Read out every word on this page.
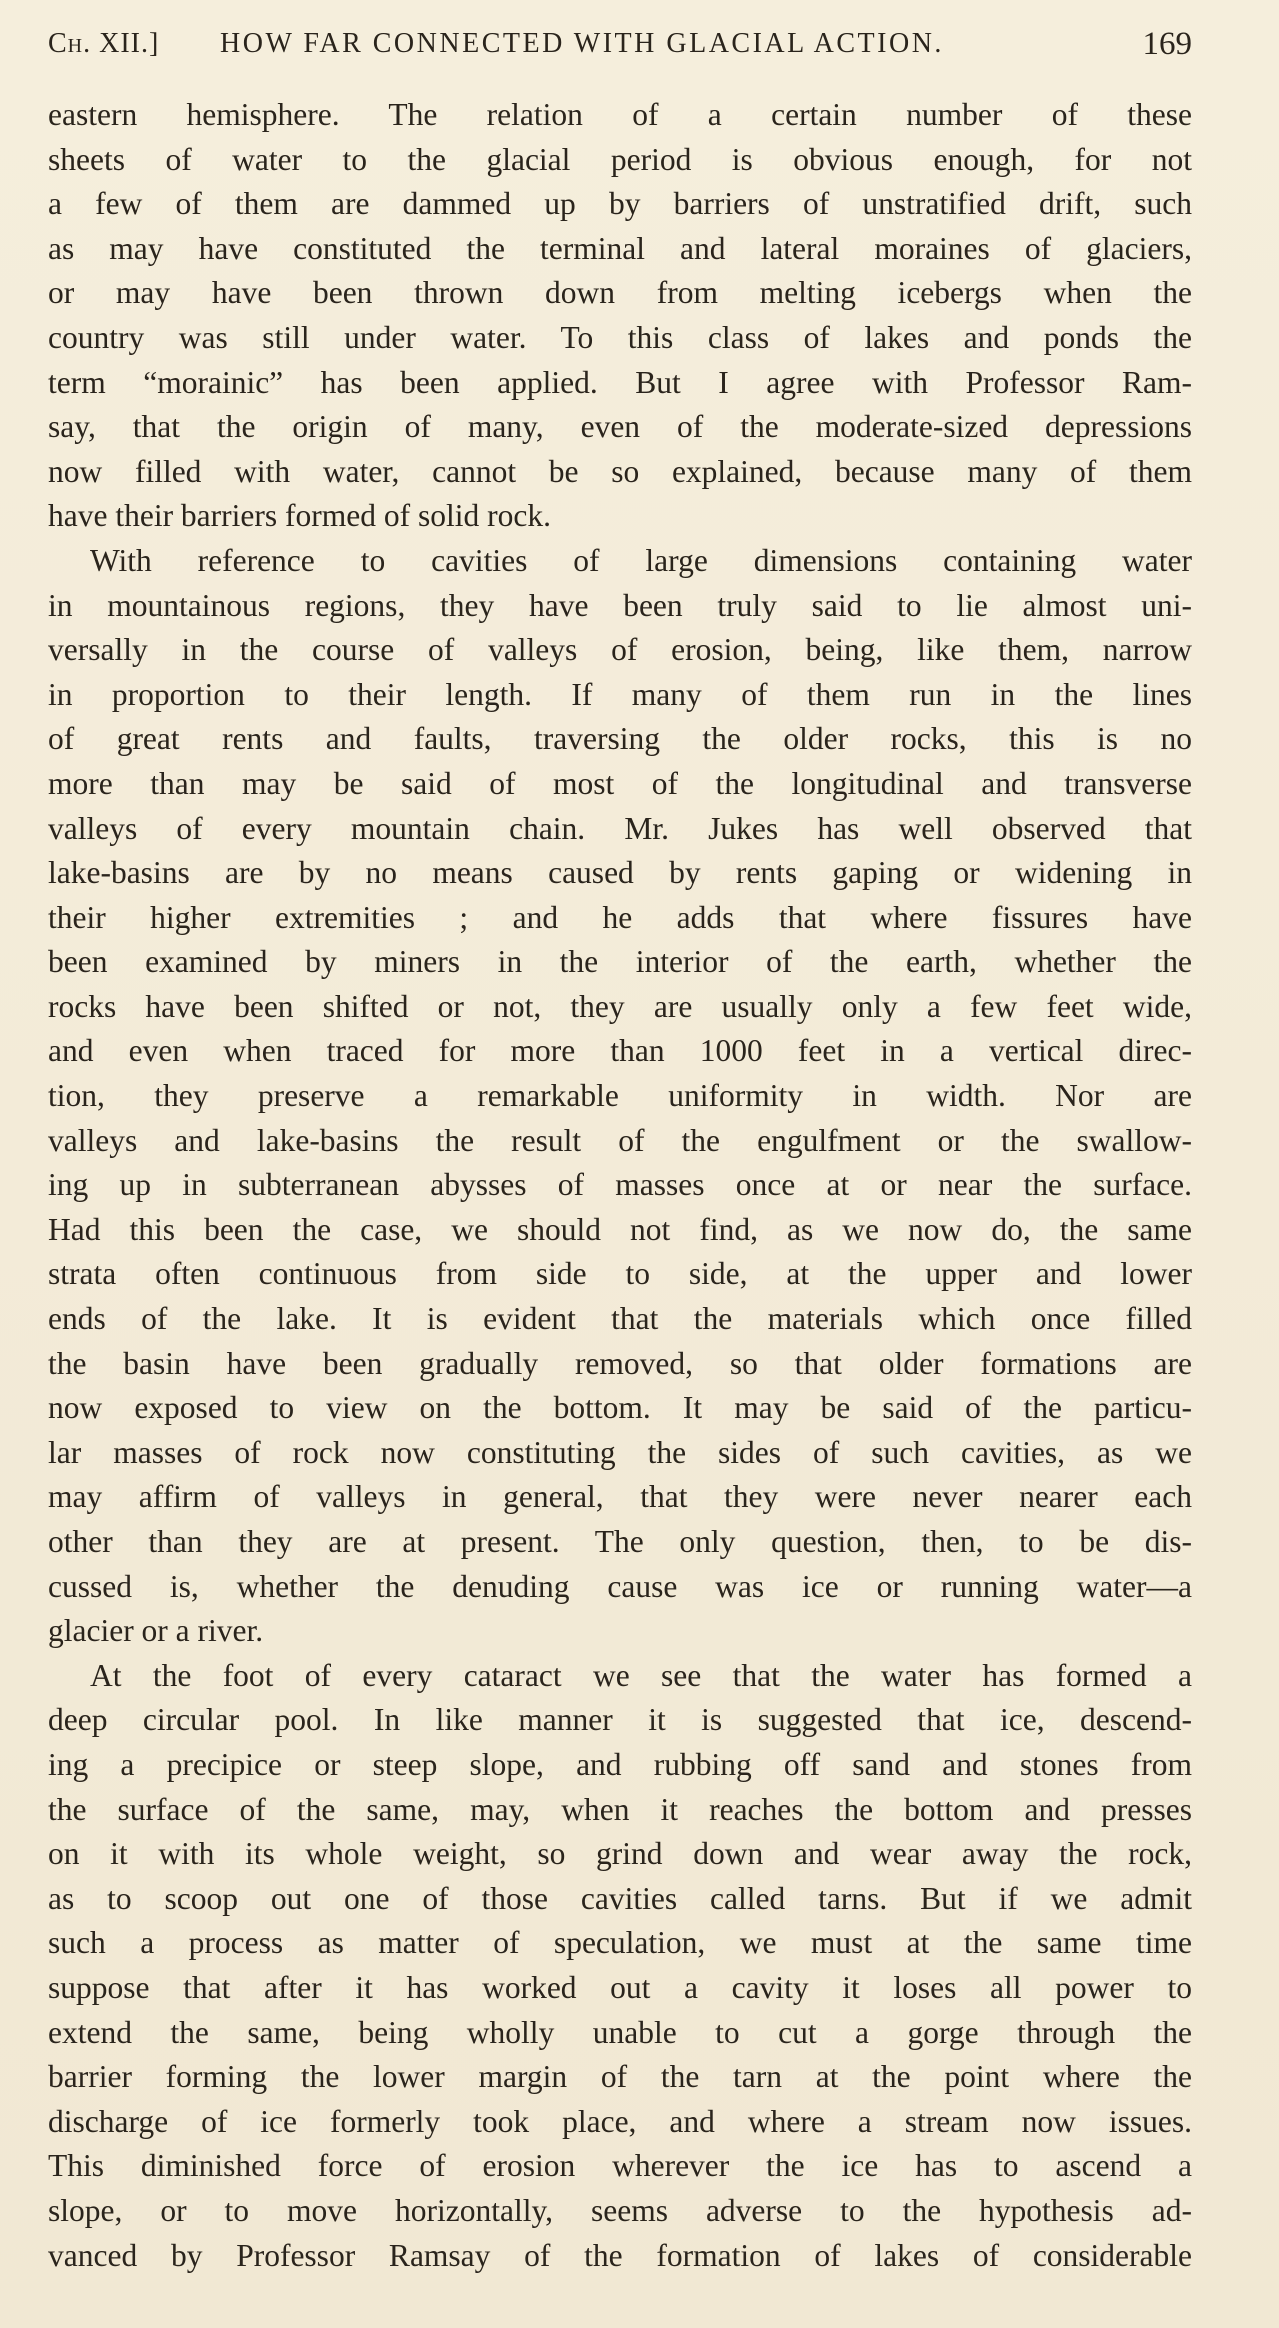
Ch. XII.] HOW FAR CONNECTED WITH GLACIAL ACTION.	169
eastern hemisphere. The relation of a certain number of these
sheets of water to the glacial period is obvious enough, for not
a few of them are dammed up by barriers of unstratified drift, such
as may have constituted the terminal and lateral moraines of glaciers,
or may have been thrown down from melting icebergs when the
country was still under water. To this class of lakes and ponds the
term “morainic” has been applied. But I agree with Professor Ram-
say, that the origin of many, even of the moderate-sized depressions
now filled with water, cannot be so explained, because many of them
have their barriers formed of solid rock.
With reference to cavities of large dimensions containing water
in mountainous regions, they have been truly said to lie almost uni-
versally in the course of valleys of erosion, being, like them, narrow
in proportion to their length. If many of them run in the lines
of great rents and faults, traversing the older rocks, this is no
more than may be said of most of the longitudinal and transverse
valleys of every mountain chain. Mr. Jukes has well observed that
lake-basins are by no means caused by rents gaping or widening in
their higher extremities ; and he adds that where fissures have
been examined by miners in the interior of the earth, whether the
rocks have been shifted or not, they are usually only a few feet wide,
and even when traced for more than 1000 feet in a vertical direc-
tion, they preserve a remarkable uniformity in width. Nor are
valleys and lake-basins the result of the engulfment or the swallow-
ing up in subterranean abysses of masses once at or near the surface.
Had this been the case, we should not find, as we now do, the same
strata often continuous from side to side, at the upper and lower
ends of the lake. It is evident that the materials which once filled
the basin have been gradually removed, so that older formations are
now exposed to view on the bottom. It may be said of the particu-
lar masses of rock now constituting the sides of such cavities, as we
may affirm of valleys in general, that they were never nearer each
other than they are at present. The only question, then, to be dis-
cussed is, whether the denuding cause was ice or running water—a
glacier or a river.
At the foot of every cataract we see that the water has formed a
deep circular pool. In like manner it is suggested that ice, descend-
ing a precipice or steep slope, and rubbing off sand and stones from
the surface of the same, may, when it reaches the bottom and presses
on it with its whole weight, so grind down and wear away the rock,
as to scoop out one of those cavities called tarns. But if we admit
such a process as matter of speculation, we must at the same time
suppose that after it has worked out a cavity it loses all power to
extend the same, being wholly unable to cut a gorge through the
barrier forming the lower margin of the tarn at the point where the
discharge of ice formerly took place, and where a stream now issues.
This diminished force of erosion wherever the ice has to ascend a
slope, or to move horizontally, seems adverse to the hypothesis ad-
vanced by Professor Ramsay of the formation of lakes of considerable
